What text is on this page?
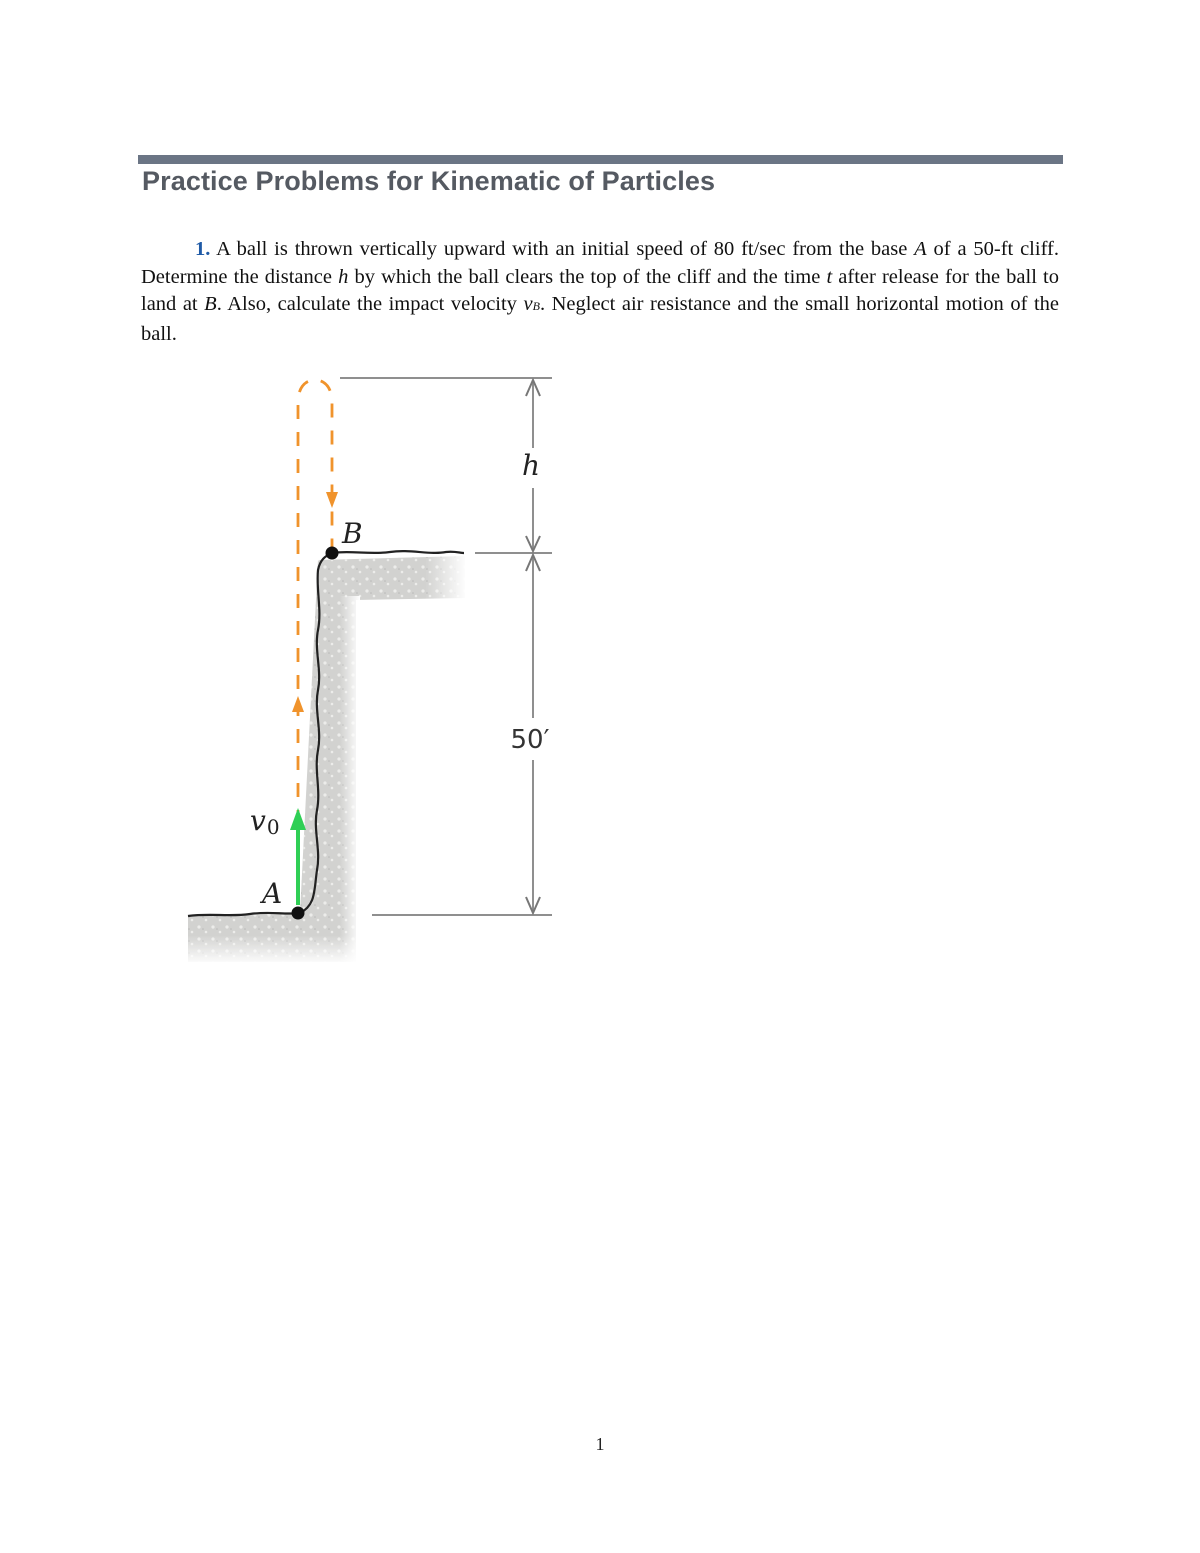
Practice Problems for Kinematic of Particles

1. A ball is thrown vertically upward with an initial speed of 80 ft/sec from the base A of a 50-ft cliff. Determine the distance h by which the ball clears the top of the cliff and the time t after release for the ball to land at B. Also, calculate the impact velocity vB. Neglect air resistance and the small horizontal motion of the ball.

h
B
50′
v0
A
1
